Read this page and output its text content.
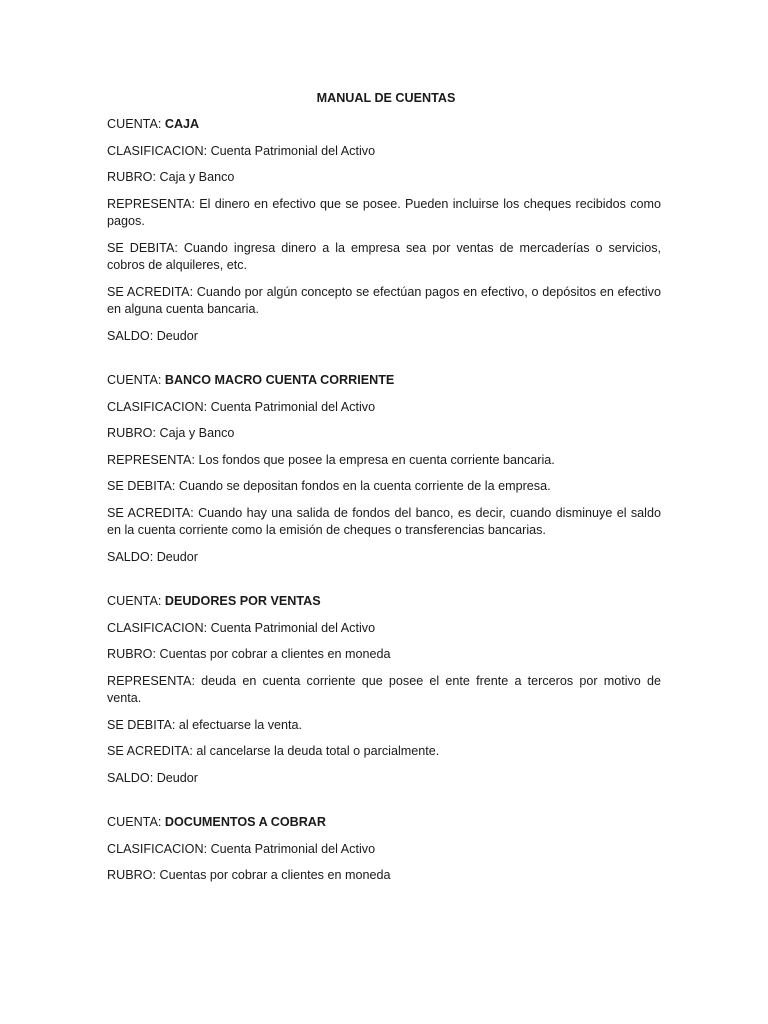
MANUAL DE CUENTAS

CUENTA: CAJA

CLASIFICACION: Cuenta Patrimonial del Activo

RUBRO: Caja y Banco

REPRESENTA: El dinero en efectivo que se posee. Pueden incluirse los cheques recibidos como pagos.

SE DEBITA: Cuando ingresa dinero a la empresa sea por ventas de mercaderías o servicios, cobros de alquileres, etc.

SE ACREDITA: Cuando por algún concepto se efectúan pagos en efectivo, o depósitos en efectivo en alguna cuenta bancaria.

SALDO: Deudor

CUENTA: BANCO MACRO CUENTA CORRIENTE

CLASIFICACION: Cuenta Patrimonial del Activo

RUBRO: Caja y Banco

REPRESENTA: Los fondos que posee la empresa en cuenta corriente bancaria.

SE DEBITA: Cuando se depositan fondos en la cuenta corriente de la empresa.

SE ACREDITA: Cuando hay una salida de fondos del banco, es decir, cuando disminuye el saldo en la cuenta corriente como la emisión de cheques o transferencias bancarias.

SALDO: Deudor

CUENTA: DEUDORES POR VENTAS

CLASIFICACION: Cuenta Patrimonial del Activo

RUBRO: Cuentas por cobrar a clientes en moneda

REPRESENTA: deuda en cuenta corriente que posee el ente frente a terceros por motivo de venta.

SE DEBITA: al efectuarse la venta.

SE ACREDITA: al cancelarse la deuda total o parcialmente.

SALDO: Deudor

CUENTA: DOCUMENTOS A COBRAR

CLASIFICACION: Cuenta Patrimonial del Activo

RUBRO: Cuentas por cobrar a clientes en moneda
